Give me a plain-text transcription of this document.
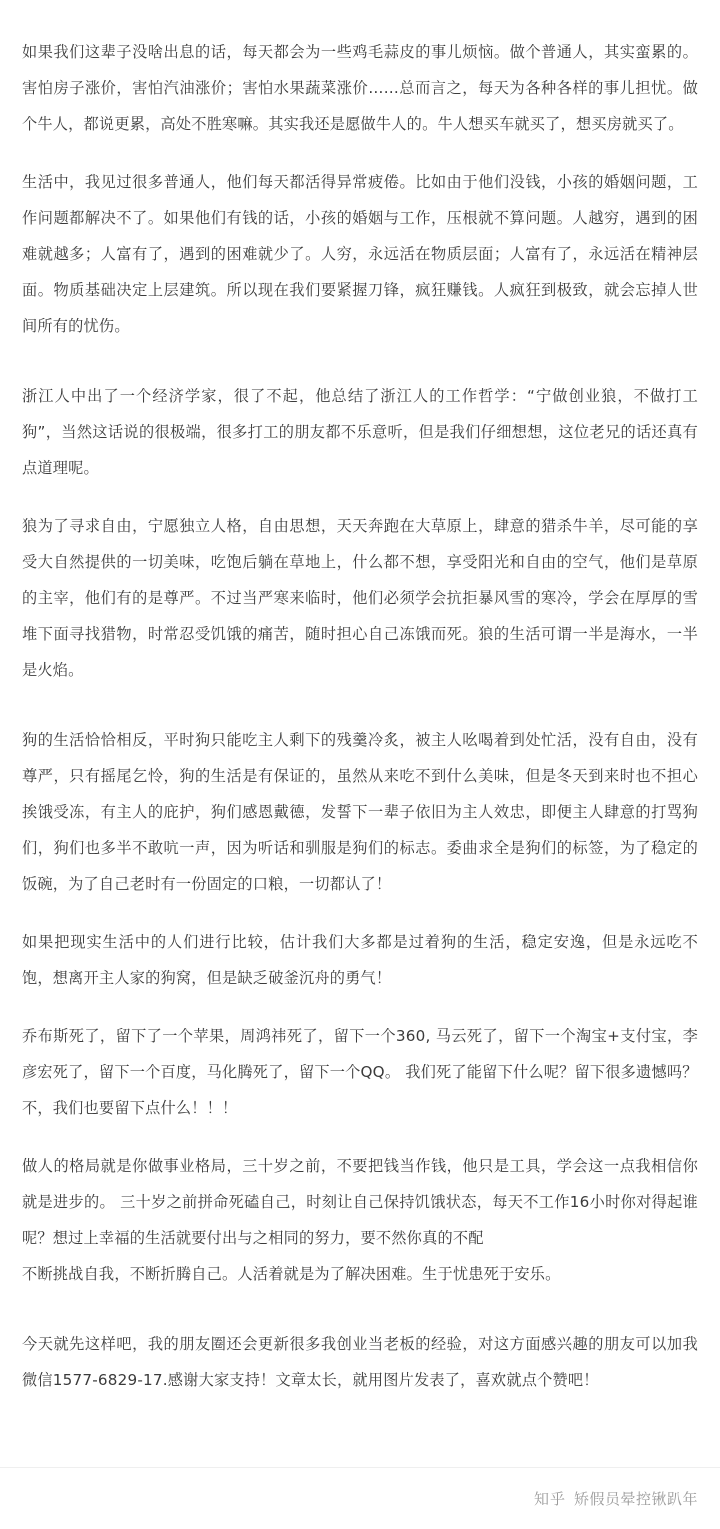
如果我们这辈子没啥出息的话，每天都会为一些鸡毛蒜皮的事儿烦恼。做个普通人，其实蛮累的。害怕房子涨价，害怕汽油涨价；害怕水果蔬菜涨价……总而言之，每天为各种各样的事儿担忧。做个牛人，都说更累，高处不胜寒嘛。其实我还是愿做牛人的。牛人想买车就买了，想买房就买了。

生活中，我见过很多普通人，他们每天都活得异常疲倦。比如由于他们没钱，小孩的婚姻问题，工作问题都解决不了。如果他们有钱的话，小孩的婚姻与工作，压根就不算问题。人越穷，遇到的困难就越多；人富有了，遇到的困难就少了。人穷，永远活在物质层面；人富有了，永远活在精神层面。物质基础决定上层建筑。所以现在我们要紧握刀锋，疯狂赚钱。人疯狂到极致，就会忘掉人世间所有的忧伤。

浙江人中出了一个经济学家，很了不起，他总结了浙江人的工作哲学：“宁做创业狼，不做打工狗”，当然这话说的很极端，很多打工的朋友都不乐意听，但是我们仔细想想，这位老兄的话还真有点道理呢。

狼为了寻求自由，宁愿独立人格，自由思想，天天奔跑在大草原上，肆意的猎杀牛羊，尽可能的享受大自然提供的一切美味，吃饱后躺在草地上，什么都不想，享受阳光和自由的空气，他们是草原的主宰，他们有的是尊严。不过当严寒来临时，他们必须学会抗拒暴风雪的寒冷，学会在厚厚的雪堆下面寻找猎物，时常忍受饥饿的痛苦，随时担心自己冻饿而死。狼的生活可谓一半是海水，一半是火焰。

狗的生活恰恰相反，平时狗只能吃主人剩下的残羹冷炙，被主人吆喝着到处忙活，没有自由，没有尊严，只有摇尾乞怜，狗的生活是有保证的，虽然从来吃不到什么美味，但是冬天到来时也不担心挨饿受冻，有主人的庇护，狗们感恩戴德，发誓下一辈子依旧为主人效忠，即便主人肆意的打骂狗们，狗们也多半不敢吭一声，因为听话和驯服是狗们的标志。委曲求全是狗们的标签，为了稳定的饭碗，为了自己老时有一份固定的口粮，一切都认了！

如果把现实生活中的人们进行比较，估计我们大多都是过着狗的生活，稳定安逸，但是永远吃不饱，想离开主人家的狗窝，但是缺乏破釜沉舟的勇气！

乔布斯死了，留下了一个苹果，周鸿祎死了，留下一个360, 马云死了，留下一个淘宝+支付宝，李彦宏死了，留下一个百度，马化腾死了，留下一个QQ。 我们死了能留下什么呢？留下很多遗憾吗？

不，我们也要留下点什么！！！

做人的格局就是你做事业格局，三十岁之前，不要把钱当作钱，他只是工具，学会这一点我相信你就是进步的。 三十岁之前拼命死磕自己，时刻让自己保持饥饿状态，每天不工作16小时你对得起谁呢？想过上幸福的生活就要付出与之相同的努力，要不然你真的不配

不断挑战自我，不断折腾自己。人活着就是为了解决困难。生于忧患死于安乐。

今天就先这样吧，我的朋友圈还会更新很多我创业当老板的经验，对这方面感兴趣的朋友可以加我微信1577-6829-17.感谢大家支持！文章太长，就用图片发表了，喜欢就点个赞吧！

知乎 矫假员晕控锹趴年
